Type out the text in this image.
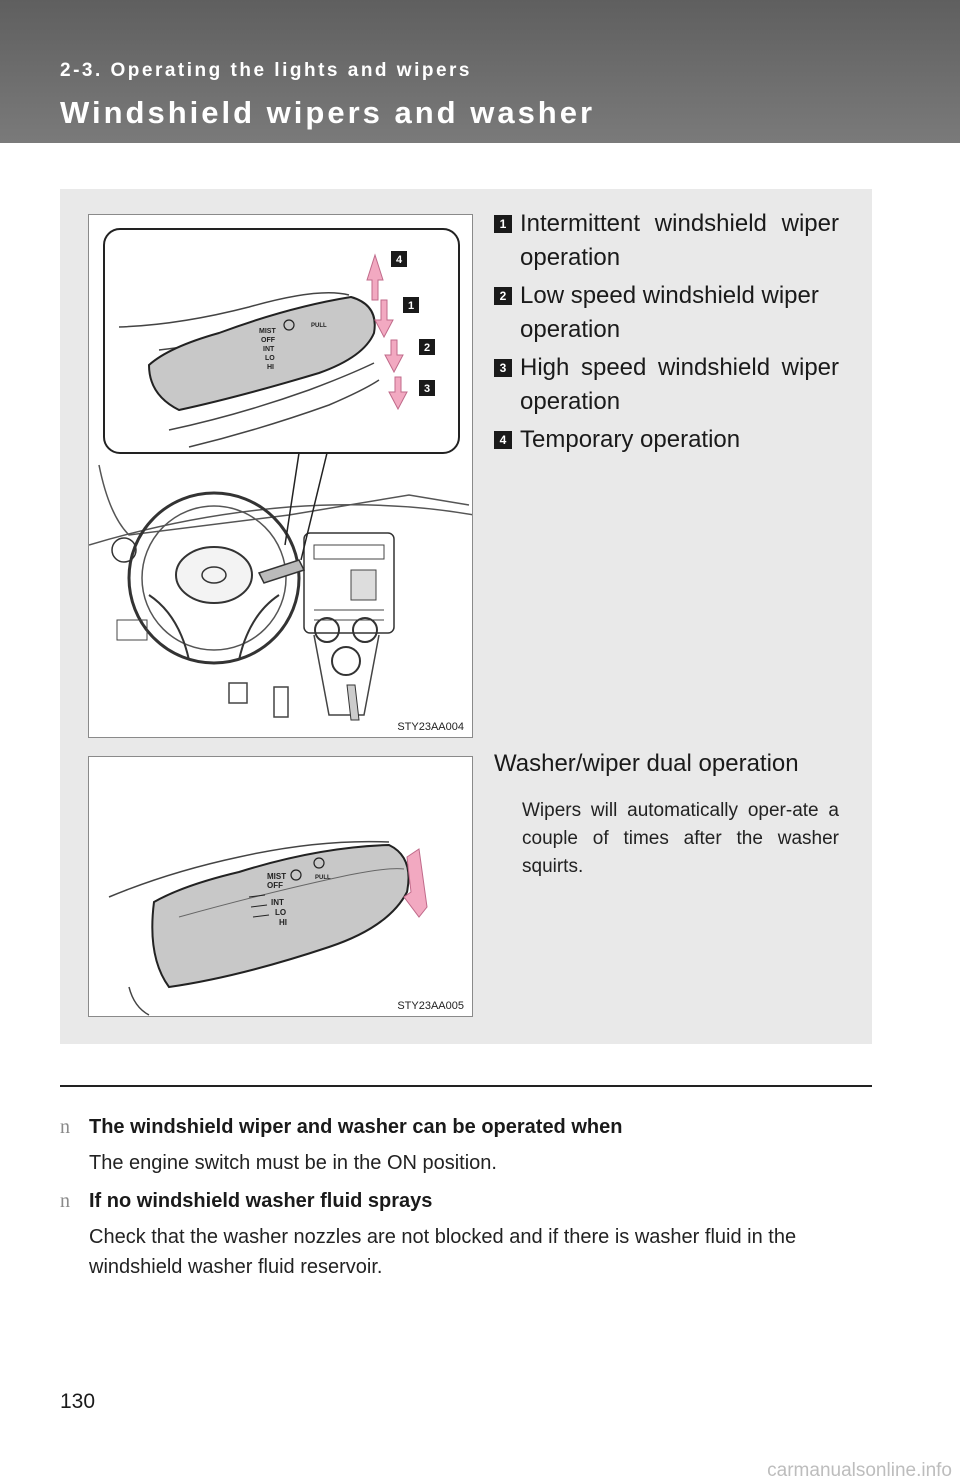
2-3. Operating the lights and wipers
Windshield wipers and washer
MIST
OFF
INT
LO
HI
PULL
4
1
2
3
STY23AA004
1 Intermittent windshield wiper operation
2 Low speed windshield wiper operation
3 High speed windshield wiper operation
4 Temporary operation
MIST
OFF
INT
LO
HI
PULL
STY23AA005
Washer/wiper dual operation
Wipers will automatically oper-ate a couple of times after the washer squirts.
n The windshield wiper and washer can be operated when
The engine switch must be in the ON position.
n If no windshield washer fluid sprays
Check that the washer nozzles are not blocked and if there is washer fluid in the windshield washer fluid reservoir.
130
carmanualsonline.info
